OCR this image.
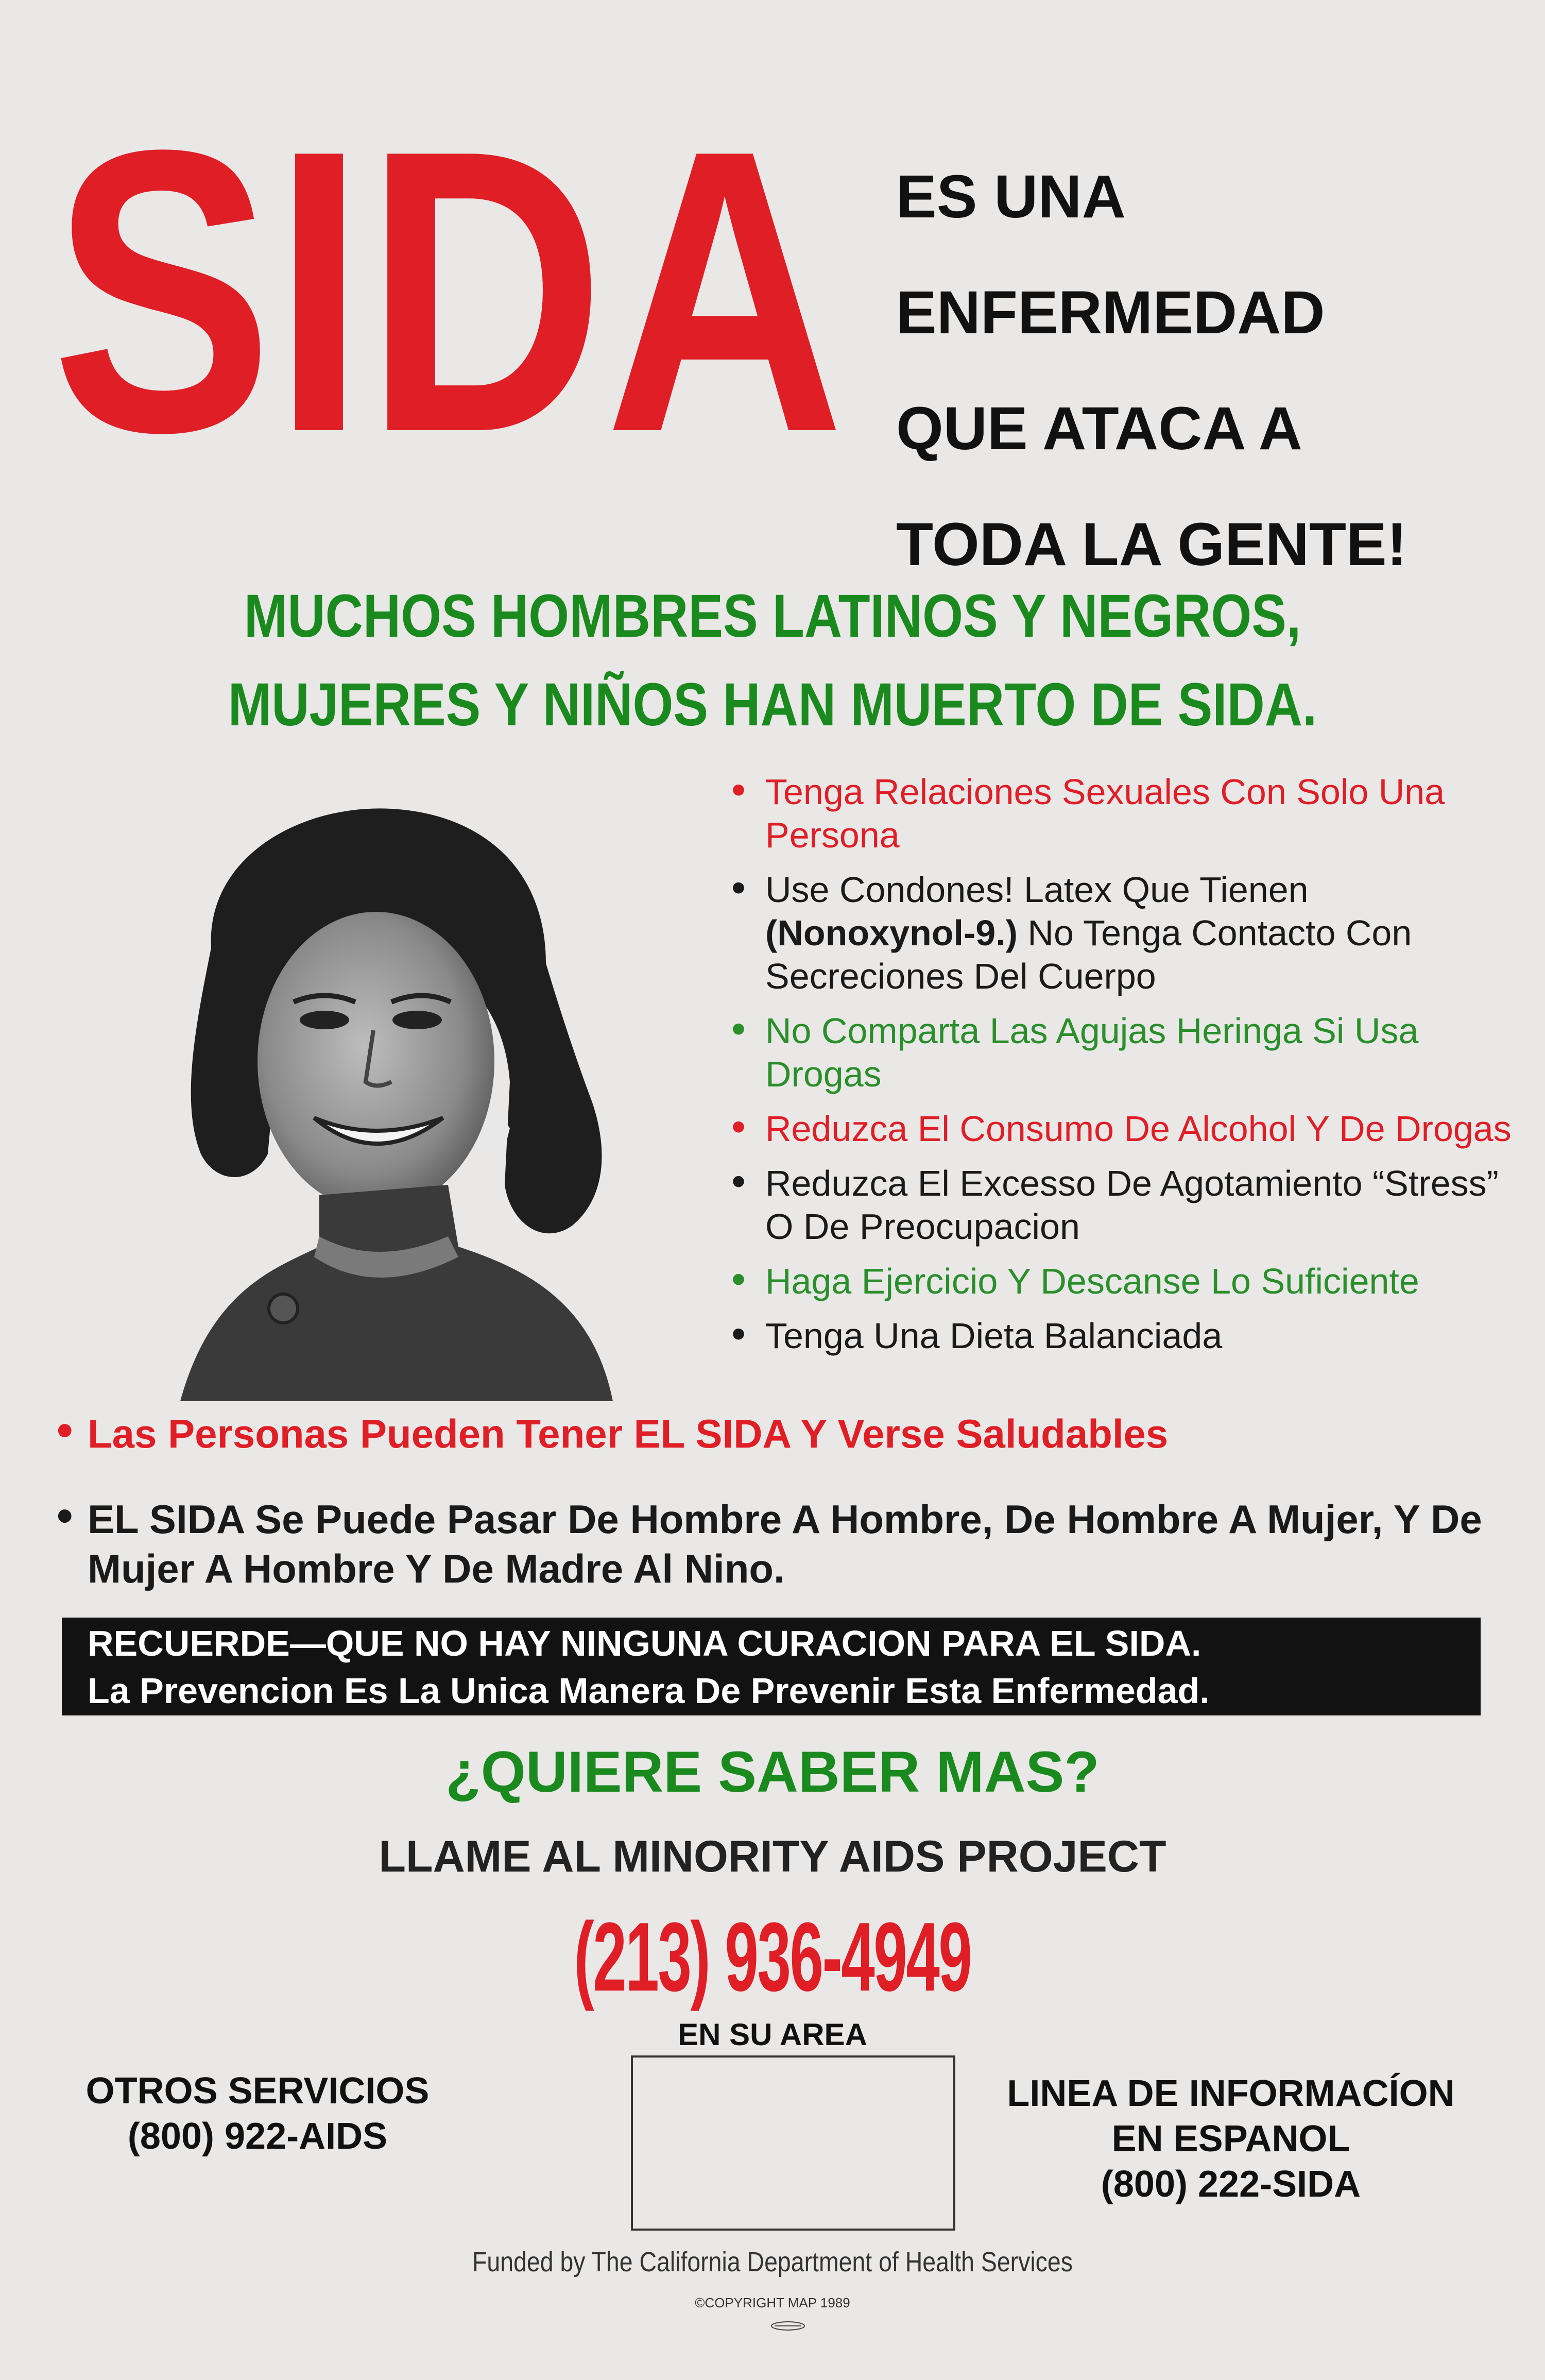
SIDA ES UNA
ENFERMEDAD
QUE ATACA A
TODA LA GENTE!
MUCHOS HOMBRES LATINOS Y NEGROS,
MUJERES Y NIÑOS HAN MUERTO DE SIDA.
• Tenga Relaciones Sexuales Con Solo Una Persona
• Use Condones! Latex Que Tienen (Nonoxynol-9.) No Tenga Contacto Con Secreciones Del Cuerpo
• No Comparta Las Agujas Heringa Si Usa Drogas
• Reduzca El Consumo De Alcohol Y De Drogas
• Reduzca El Excesso De Agotamiento “Stress” O De Preocupacion
• Haga Ejercicio Y Descanse Lo Suficiente
• Tenga Una Dieta Balanciada
• Las Personas Pueden Tener EL SIDA Y Verse Saludables
• EL SIDA Se Puede Pasar De Hombre A Hombre, De Hombre A Mujer, Y De Mujer A Hombre Y De Madre Al Nino.
RECUERDE—QUE NO HAY NINGUNA CURACION PARA EL SIDA.
La Prevencion Es La Unica Manera De Prevenir Esta Enfermedad.
¿QUIERE SABER MAS?
LLAME AL MINORITY AIDS PROJECT
(213) 936-4949
EN SU AREA
OTROS SERVICIOS
(800) 922-AIDS
LINEA DE INFORMACÍON
EN ESPANOL
(800) 222-SIDA
Funded by The California Department of Health Services
©COPYRIGHT MAP 1989
